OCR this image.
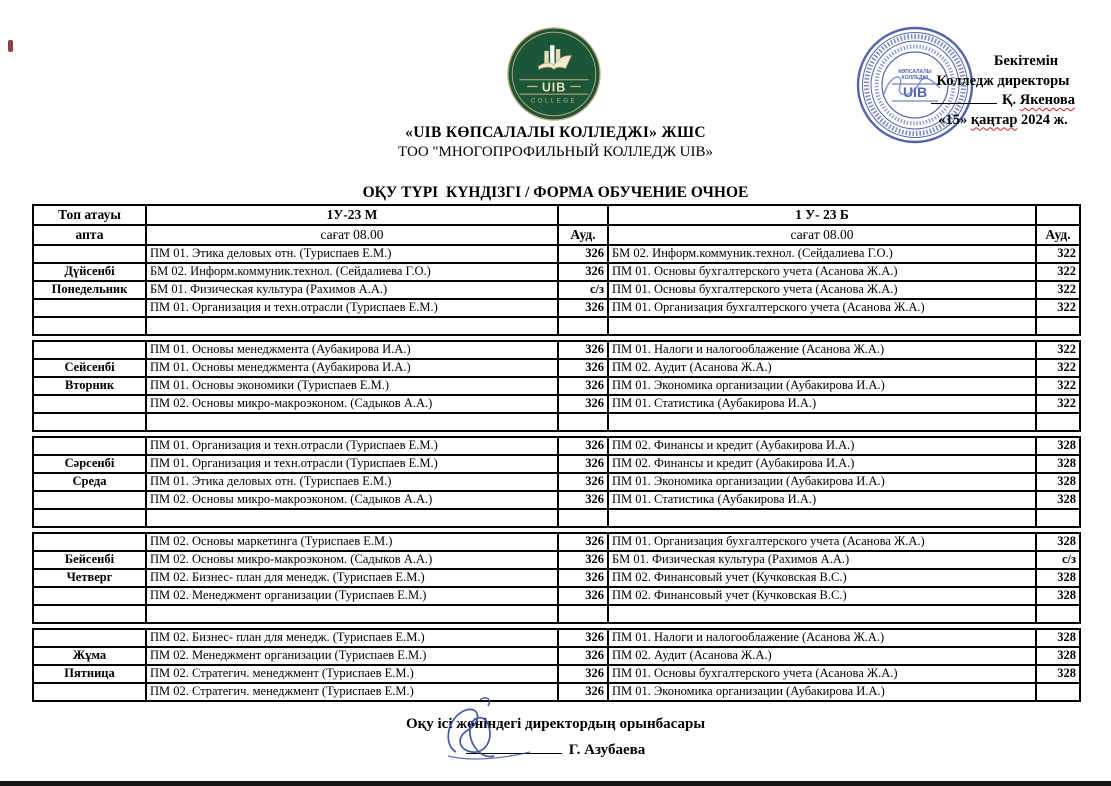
UIB
COLLEGE
КӨПСАЛАЛЫ
КОЛЛЕДЖІ
UIB
Бекітемін
Колледж директоры
Қ. Якенова
«15» қаңтар 2024 ж.
«UIB КӨПСАЛАЛЫ КОЛЛЕДЖІ» ЖШС
ТОО "МНОГОПРОФИЛЬНЫЙ КОЛЛЕДЖ UIB»
ОҚУ ТҮРІ  КҮНДІЗГІ / ФОРМА ОБУЧЕНИЕ ОЧНОЕ
Топ атауы	1У-23 М		1 У- 23 Б	
апта	сағат 08.00	Ауд.	сағат 08.00	Ауд.
	ПМ 01. Этика деловых отн. (Туриспаев Е.М.)	326	БМ 02. Информ.коммуник.технол. (Сейдалиева Г.О.)	322
Дүйсенбі	БМ 02. Информ.коммуник.технол. (Сейдалиева Г.О.)	326	ПМ 01. Основы бухгалтерского учета (Асанова Ж.А.)	322
Понедельник	БМ 01. Физическая культура (Рахимов А.А.)	с/з	ПМ 01. Основы бухгалтерского учета (Асанова Ж.А.)	322
	ПМ 01. Организация и техн.отрасли (Туриспаев Е.М.)	326	ПМ 01. Организация бухгалтерского учета (Асанова Ж.А.)	322

	ПМ 01. Основы менеджмента (Аубакирова И.А.)	326	ПМ 01. Налоги и налогооблажение (Асанова Ж.А.)	322
Сейсенбі	ПМ 01. Основы менеджмента (Аубакирова И.А.)	326	ПМ 02. Аудит (Асанова Ж.А.)	322
Вторник	ПМ 01. Основы экономики (Туриспаев Е.М.)	326	ПМ 01. Экономика организации (Аубакирова И.А.)	322
	ПМ 02. Основы микро-макроэконом. (Садыков А.А.)	326	ПМ 01. Статистика (Аубакирова И.А.)	322

	ПМ 01. Организация и техн.отрасли (Туриспаев Е.М.)	326	ПМ 02. Финансы и кредит (Аубакирова И.А.)	328
Сәрсенбі	ПМ 01. Организация и техн.отрасли (Туриспаев Е.М.)	326	ПМ 02. Финансы и кредит (Аубакирова И.А.)	328
Среда	ПМ 01. Этика деловых отн. (Туриспаев Е.М.)	326	ПМ 01. Экономика организации (Аубакирова И.А.)	328
	ПМ 02. Основы микро-макроэконом. (Садыков А.А.)	326	ПМ 01. Статистика (Аубакирова И.А.)	328

	ПМ 02. Основы маркетинга (Туриспаев Е.М.)	326	ПМ 01. Организация бухгалтерского учета (Асанова Ж.А.)	328
Бейсенбі	ПМ 02. Основы микро-макроэконом. (Садыков А.А.)	326	БМ 01. Физическая культура (Рахимов А.А.)	с/з
Четверг	ПМ 02. Бизнес- план для менедж. (Туриспаев Е.М.)	326	ПМ 02. Финансовый учет (Кучковская В.С.)	328
	ПМ 02. Менеджмент организации (Туриспаев Е.М.)	326	ПМ 02. Финансовый учет (Кучковская В.С.)	328

	ПМ 02. Бизнес- план для менедж. (Туриспаев Е.М.)	326	ПМ 01. Налоги и налогооблажение (Асанова Ж.А.)	328
Жұма	ПМ 02. Менеджмент организации (Туриспаев Е.М.)	326	ПМ 02. Аудит (Асанова Ж.А.)	328
Пятница	ПМ 02. Стратегич. менеджмент (Туриспаев Е.М.)	326	ПМ 01. Основы бухгалтерского учета (Асанова Ж.А.)	328
	ПМ 02. Стратегич. менеджмент (Туриспаев Е.М.)	326	ПМ 01. Экономика организации (Аубакирова И.А.)	
Оқу ісі жөніндегі директордың орынбасары
Г. Азубаева
